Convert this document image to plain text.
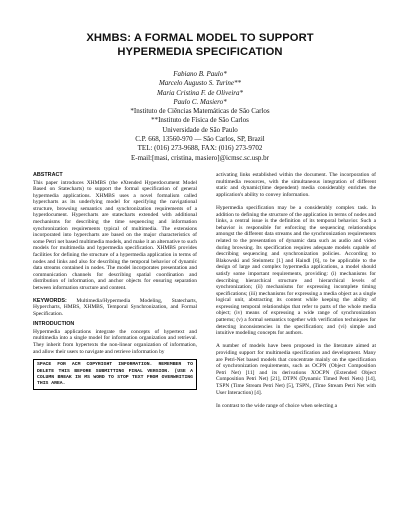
XHMBS: A FORMAL MODEL TO SUPPORT
HYPERMEDIA SPECIFICATION
Fabiano B. Paulo*
Marcelo Augusto S. Turine**
Maria Cristina F. de Oliveira*
Paulo C. Masiero*
*Instituto de Ciências Matemáticas de São Carlos
**Instituto de Física de São Carlos
Universidade de São Paulo
C.P. 668, 13560-970 — São Carlos, SP, Brazil
TEL: (016) 273-9688, FAX: (016) 273-9702
E-mail:[masi, cristina, masiero]@icmsc.sc.usp.br
ABSTRACT

This paper introduces XHMBS (the eXtended Hyperdocument Model Based on Statecharts) to support the formal specification of general hypermedia applications. XHMBS uses a novel formalism called hypercharts as its underlying model for specifying the navigational structure, browsing semantics and synchronization requirements of a hyperdocument. Hypercharts are statecharts extended with additional mechanisms for describing the time sequencing and information synchronization requirements typical of multimedia. The extensions incorporated into hypercharts are based on the major characteristics of some Petri net based multimedia models, and make it an alternative to such models for multimedia and hypermedia specification. XHMBS provides facilities for defining the structure of a hypermedia application in terms of nodes and links and also for describing the temporal behavior of dynamic data streams contained in nodes. The model incorporates presentation and communication channels for describing spatial coordination and distribution of information, and anchor objects for ensuring separation between information structure and content.

KEYWORDS: Multimedia/Hypermedia Modeling, Statecharts, Hypercharts, HMBS, XHMBS, Temporal Synchronization, and Formal Specification.

INTRODUCTION

Hypermedia applications integrate the concepts of hypertext and multimedia into a single model for information organization and retrieval. They inherit from hypertexts the non-linear organization of information, and allow their users to navigate and retrieve information by

SPACE FOR ACM COPYRIGHT INFORMATION. REMEMBER TO DELETE THIS BEFORE SUBMITTING FINAL VERSION. (USE A COLUMN BREAK IN MS WORD TO STOP TEXT FROM OVERWRITING THIS AREA.

activating links established within the document. The incorporation of multimedia resources, with the simultaneous integration of different static and dynamic(time dependent) media considerably enriches the application's ability to convey information.

Hypermedia specification may be a considerably complex task. In addition to defining the structure of the application in terms of nodes and links, a central issue is the definition of its temporal behavior. Such a behavior is responsible for enforcing the sequencing relationships amongst the different data streams and the synchronization requirements related to the presentation of dynamic data such as audio and video during browsing. Its specification requires adequate models capable of describing sequencing and synchronization policies. According to Blakowski and Steinmetz [1] and Haindl [6], to be applicable to the design of large and complex hypermedia applications, a model should satisfy some important requirements, providing: (i) mechanisms for describing hierarchical structure and hierarchical levels of synchronization; (ii) mechanisms for expressing incomplete timing specifications; (iii) mechanisms for expressing a media object as a single logical unit, abstracting its content while keeping the ability of expressing temporal relationships that refer to parts of the whole media object; (iv) means of expressing a wide range of synchronization patterns; (v) a formal semantics together with verification techniques for detecting inconsistencies in the specification; and (vi) simple and intuitive modeling concepts for authors.

A number of models have been proposed in the literature aimed at providing support for multimedia specification and development. Many are Petri-Net based models that concentrate mainly on the specification of synchronization requirements, such as OCPN (Object Composition Petri Net) [11] and its derivations XOCPN (Extended Object Composition Petri Net) [21], DTPN (Dynamic Timed Petri Nets) [14], TSPN (Time Stream Petri Net) [5], TSPN₁ (Time Stream Petri Net with User Interaction) [4].

In contrast to the wide range of choice when selecting a
